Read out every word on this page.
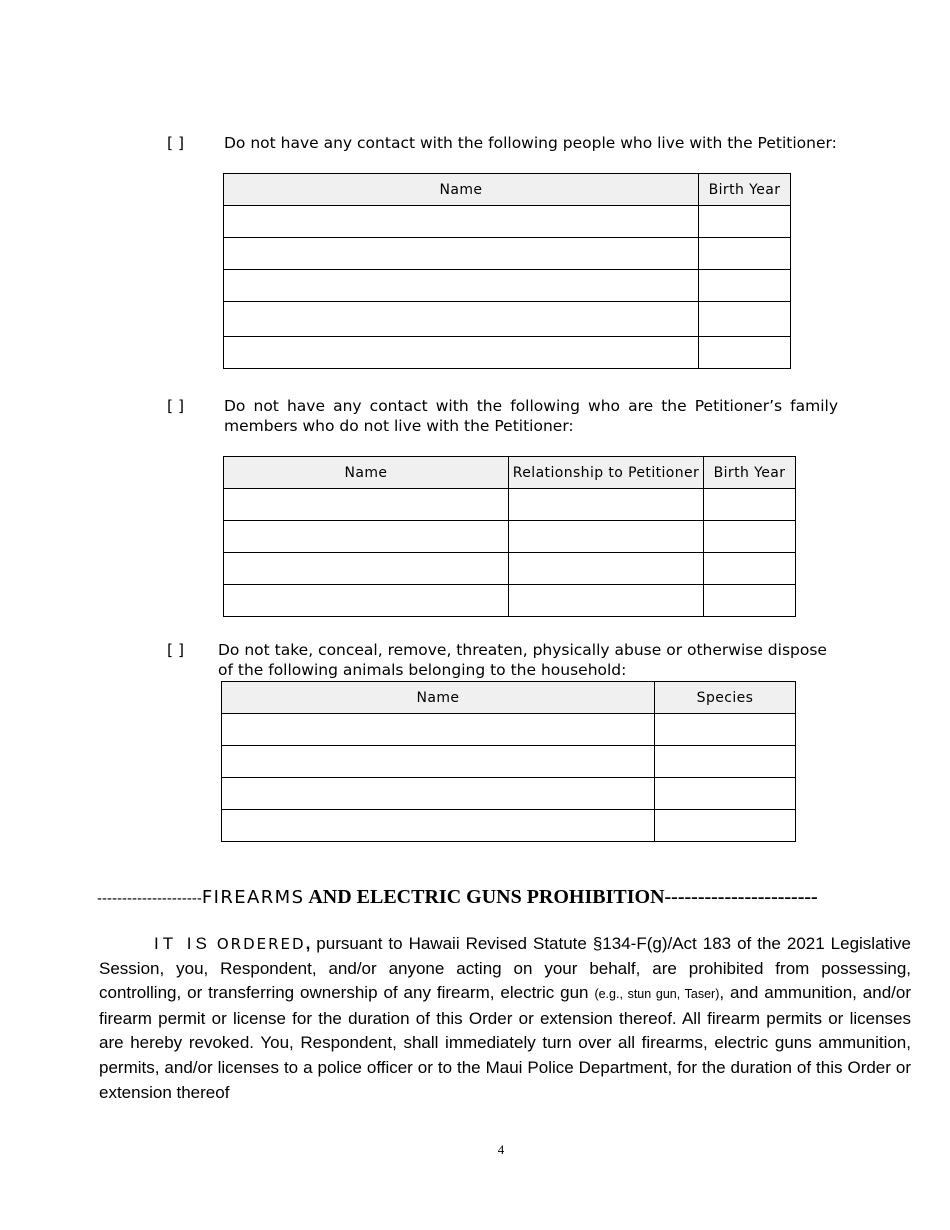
[ ]	Do not have any contact with the following people who live with the Petitioner:
Name	Birth Year

[ ]	Do not have any contact with the following who are the Petitioner’s family members who do not live with the Petitioner:
Name	Relationship to Petitioner	Birth Year

[ ] Do not take, conceal, remove, threaten, physically abuse or otherwise dispose of the following animals belonging to the household:
Name	Species

---------------------FIREARMS AND ELECTRIC GUNS PROHIBITION-----------------------
IT IS ORDERED, pursuant to Hawaii Revised Statute §134-F(g)/Act 183 of the 2021 Legislative Session, you, Respondent, and/or anyone acting on your behalf, are prohibited from possessing, controlling, or transferring ownership of any firearm, electric gun (e.g., stun gun, Taser), and ammunition, and/or firearm permit or license for the duration of this Order or extension thereof. All firearm permits or licenses are hereby revoked. You, Respondent, shall immediately turn over all firearms, electric guns ammunition, permits, and/or licenses to a police officer or to the Maui Police Department, for the duration of this Order or extension thereof
4
